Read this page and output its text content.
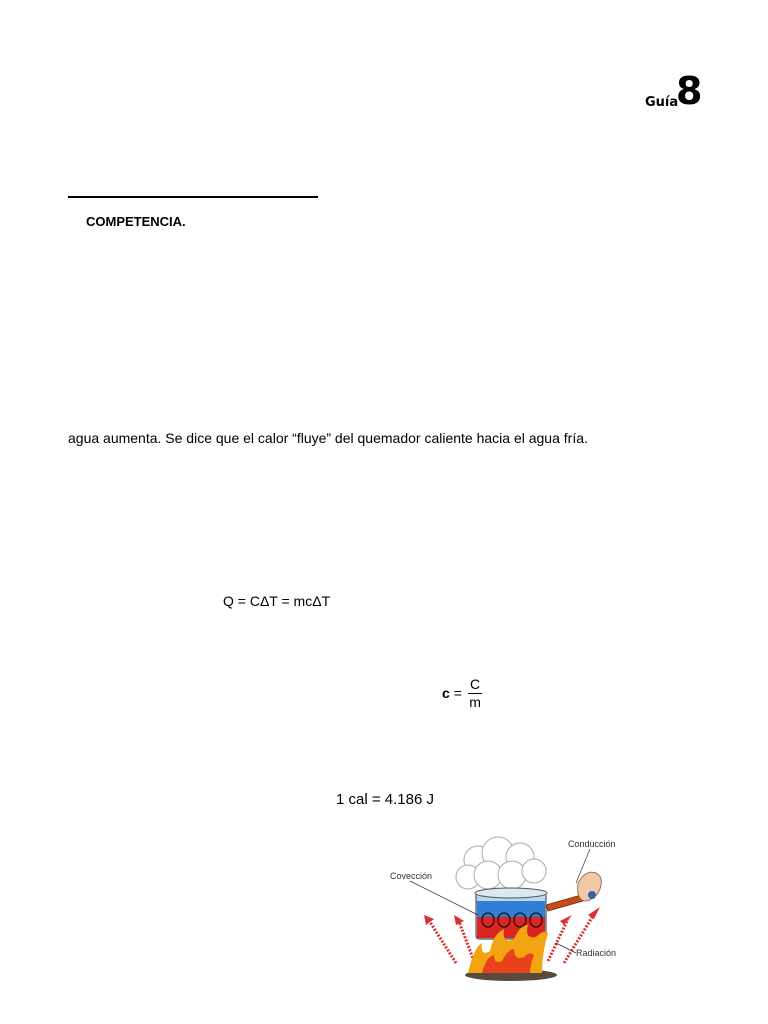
Guía
8
COMPETENCIA.
agua aumenta. Se dice que el calor “fluye” del quemador caliente hacia el agua fría.
Q = CΔT = mcΔT
$c = \frac{C}{m}$
1 cal = 4.186 J
Covección
Conducción
Radiación
